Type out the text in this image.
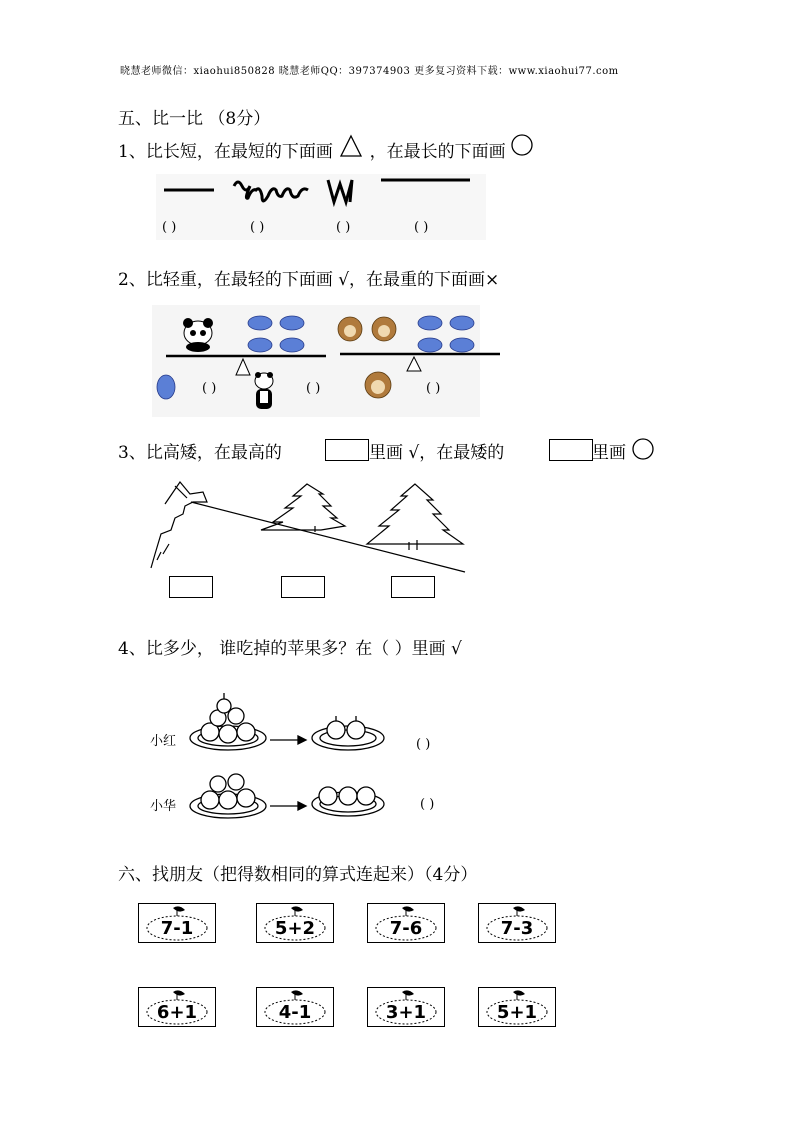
晓慧老师微信：xiaohui850828 晓慧老师QQ：397374903 更多复习资料下载：www.xiaohui77.com
五、比一比 （8分）
1、比长短，在最短的下面画 ，在最长的下面画
( )	( )	( )	( )
2、比轻重，在最轻的下面画 √，在最重的下面画×
( )	( )	( )
3、比高矮，在最高的	里画 √，在最矮的	里画
4、比多少， 谁吃掉的苹果多？在（ ）里画 √
小红
小华
( )
( )
六、找朋友（把得数相同的算式连起来）（4分）
7-1	5+2	7-6	7-3
6+1	4-1	3+1	5+1
